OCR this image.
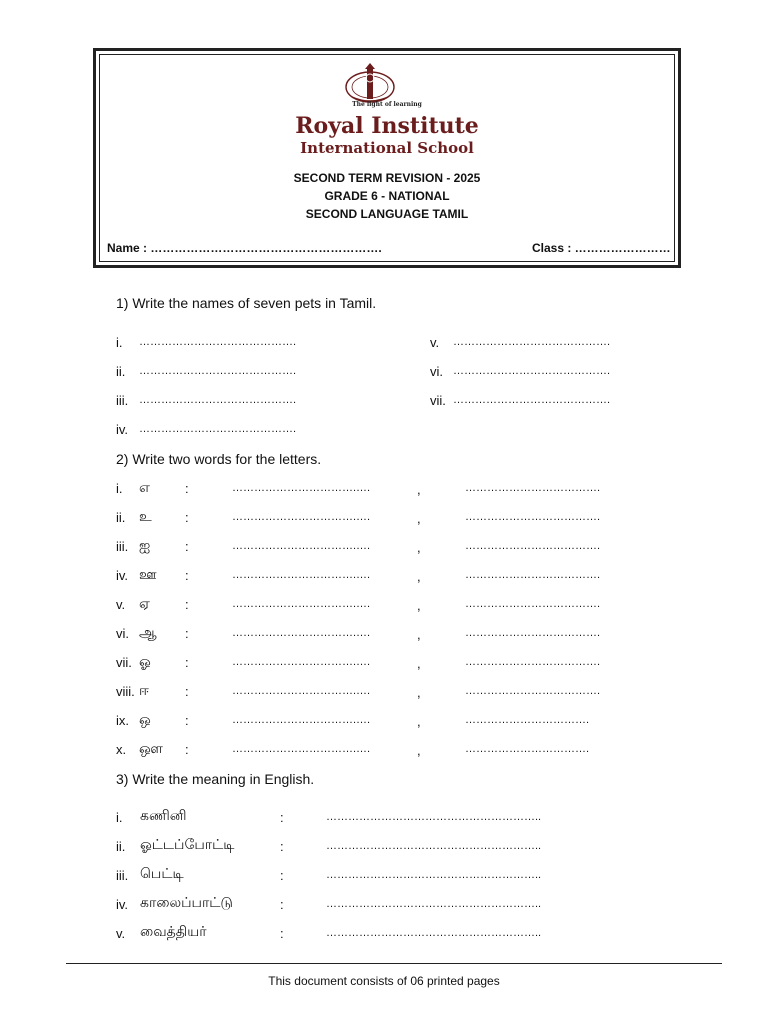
The light of learning
Royal Institute
International School
SECOND TERM REVISION - 2025
GRADE 6 - NATIONAL
SECOND LANGUAGE TAMIL
Name : ………………………………………………….	Class : ……………………
1) Write the names of seven pets in Tamil.
i. …………………………………….
ii. …………………………………….
iii. …………………………………….
iv. …………………………………….
v. …………………………………….
vi. …………………………………….
vii. …………………………………….
2) Write two words for the letters.
i. எ	:	…………………………….….	,	……………………………….
ii. உ	:	…………………………….….	,	……………………………….
iii. ஐ	:	…………………………….….	,	……………………………….
iv. ஊ :	…………………………….….	,	……………………………….
v. ஏ	:	…………………………….….	,	……………………………….
vi. ஆ :	…………………………….….	,	……………………………….
vii. ஓ	:	…………………………….….	,	……………………………….
viii. ஈ	:	…………………………….….	,	……………………………….
ix. ஒ	:	…………………………….….	,	…………………………….
x. ஔ :	…………………………….….	,	…………………………….
3) Write the meaning in English.
i. கணினி	:	…………………………………………………..
ii. ஓட்டப்போட்டி	:	…………………………………………………..
iii. பெட்டி	:	…………………………………………………..
iv. காலைப்பாட்டு	:	…………………………………………………..
v. வைத்தியர்	:	…………………………………………………..
This document consists of 06 printed pages
